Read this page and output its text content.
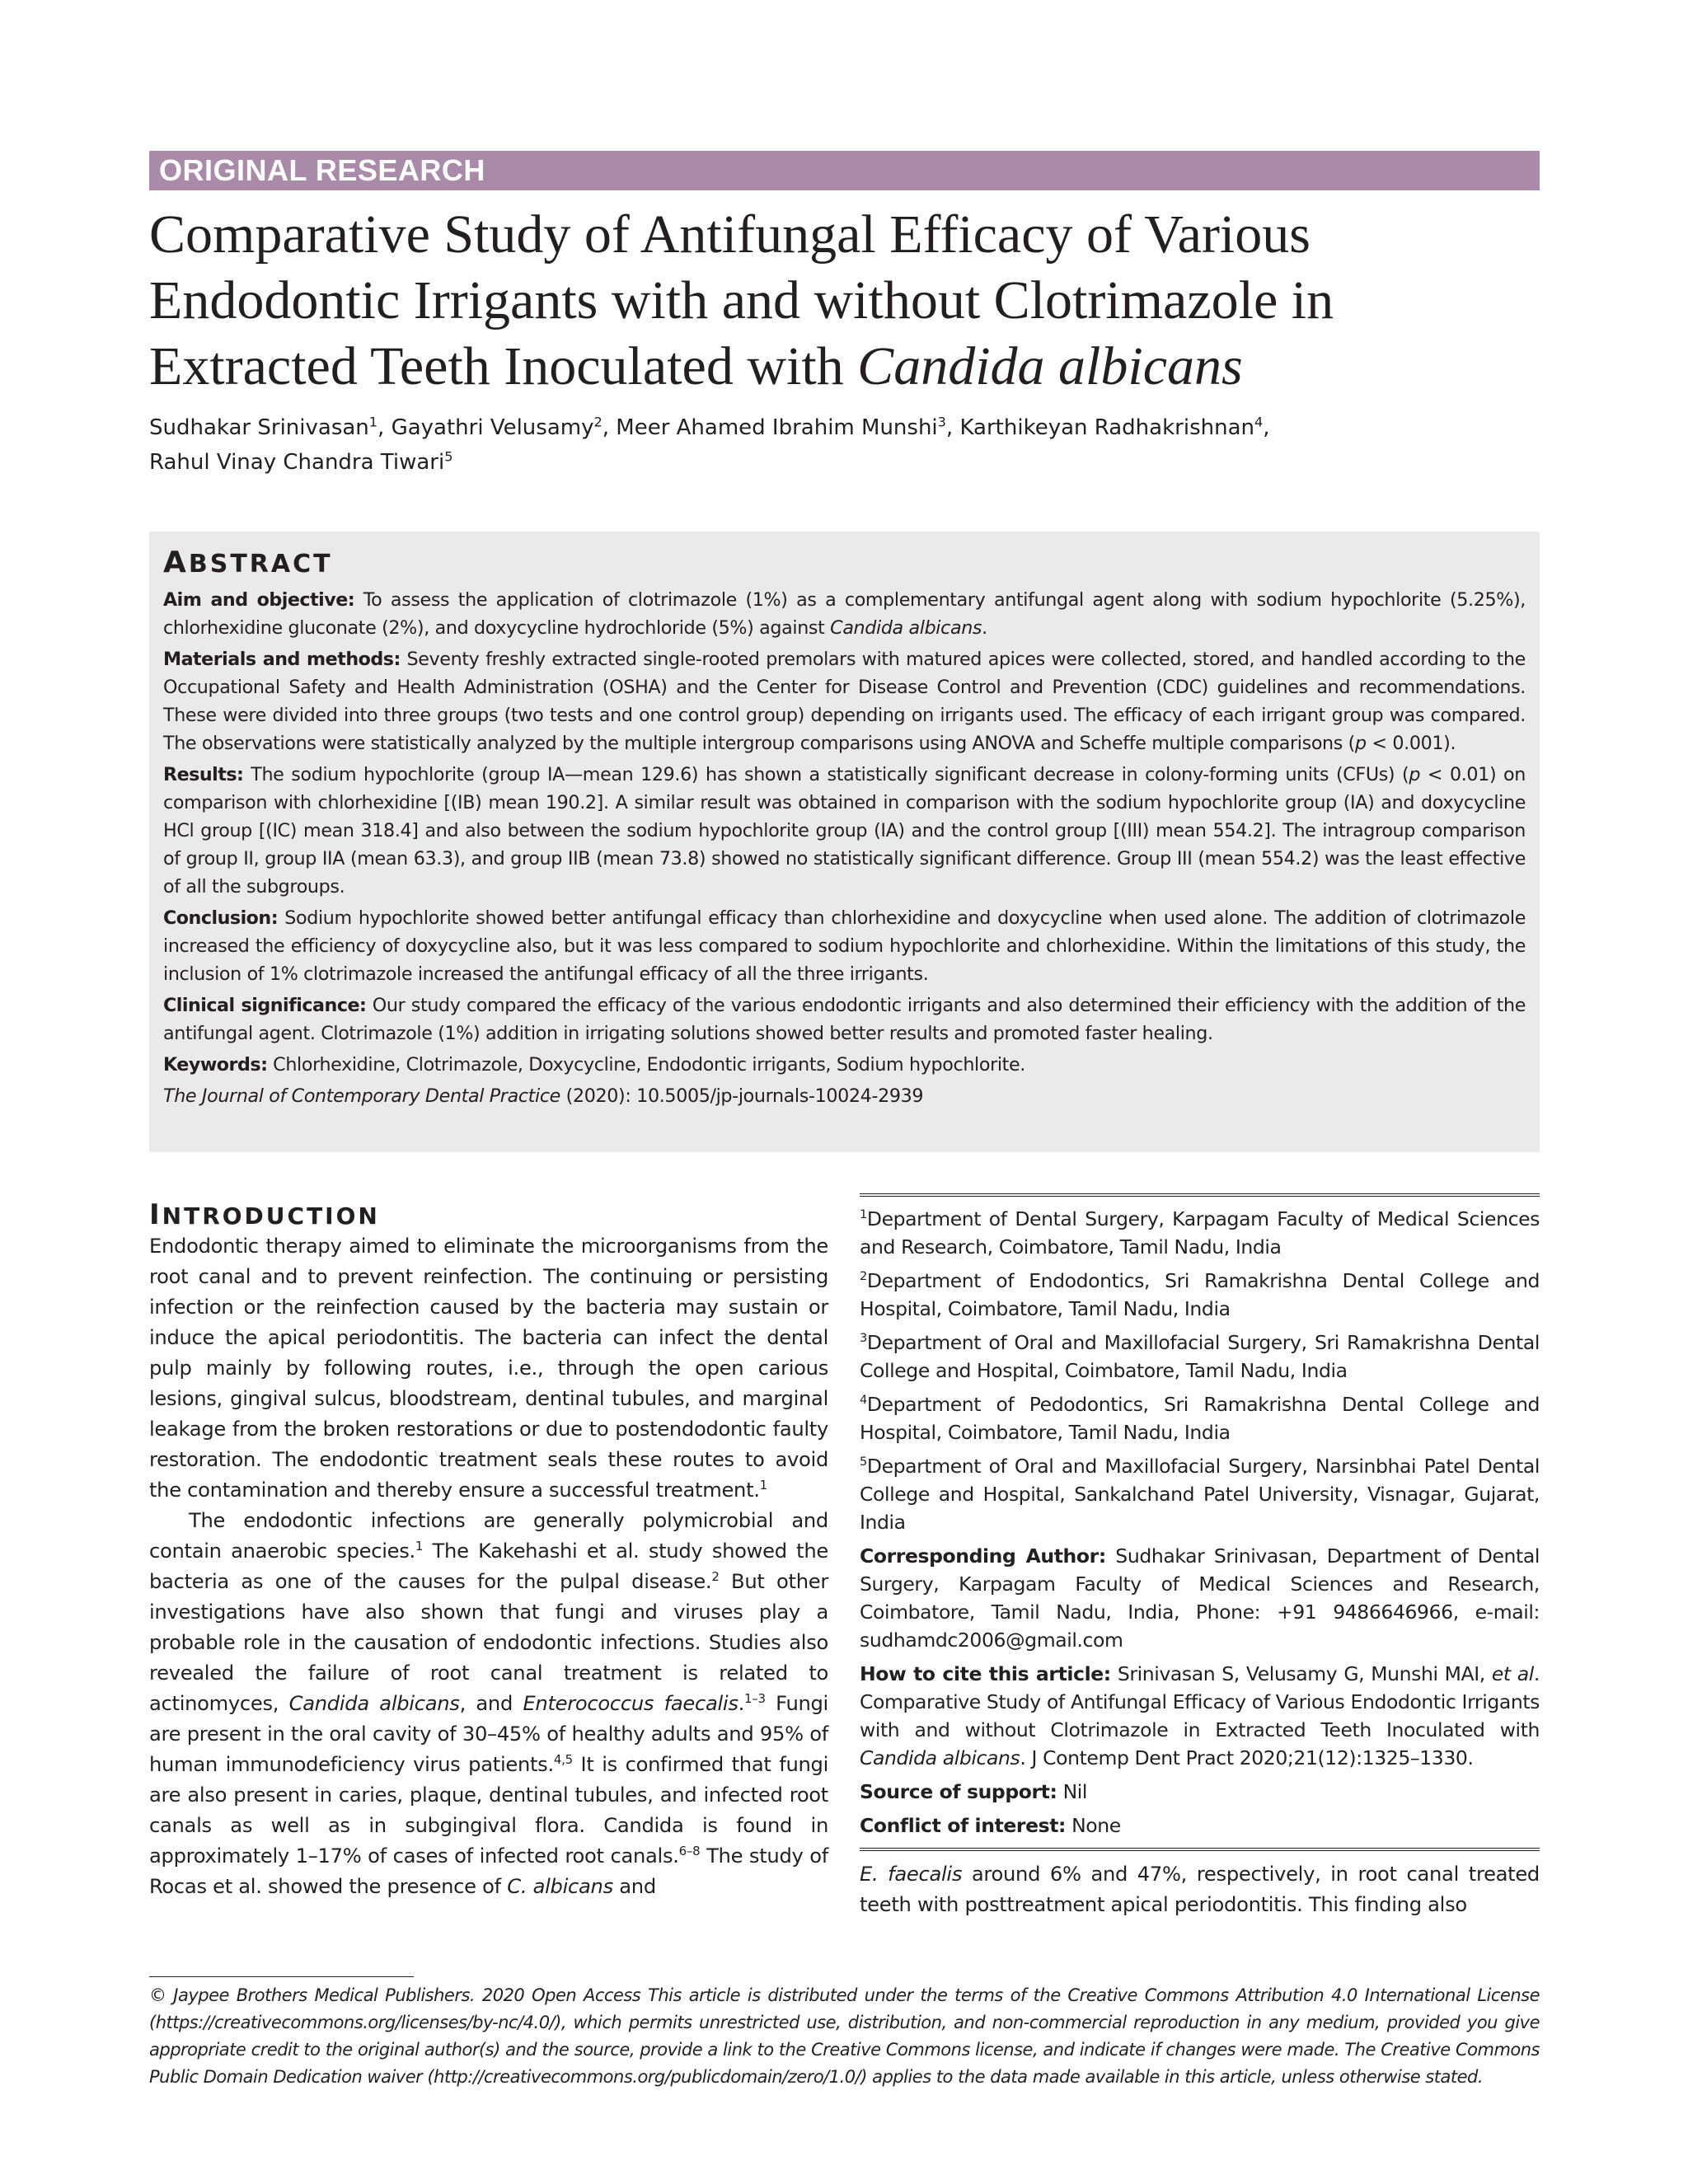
ORIGINAL RESEARCH
Comparative Study of Antifungal Efficacy of Various
Endodontic Irrigants with and without Clotrimazole in
Extracted Teeth Inoculated with Candida albicans
Sudhakar Srinivasan$^1$, Gayathri Velusamy$^2$, Meer Ahamed Ibrahim Munshi$^3$, Karthikeyan Radhakrishnan$^4$,
Rahul Vinay Chandra Tiwari$^5$
ABSTRACT

Aim and objective: To assess the application of clotrimazole (1%) as a complementary antifungal agent along with sodium hypochlorite (5.25%), chlorhexidine gluconate (2%), and doxycycline hydrochloride (5%) against Candida albicans.

Materials and methods: Seventy freshly extracted single-rooted premolars with matured apices were collected, stored, and handled according to the Occupational Safety and Health Administration (OSHA) and the Center for Disease Control and Prevention (CDC) guidelines and recommendations. These were divided into three groups (two tests and one control group) depending on irrigants used. The efficacy of each irrigant group was compared. The observations were statistically analyzed by the multiple intergroup comparisons using ANOVA and Scheffe multiple comparisons (p < 0.001).

Results: The sodium hypochlorite (group IA—mean 129.6) has shown a statistically significant decrease in colony-forming units (CFUs) (p < 0.01) on comparison with chlorhexidine [(IB) mean 190.2]. A similar result was obtained in comparison with the sodium hypochlorite group (IA) and doxycycline HCl group [(IC) mean 318.4] and also between the sodium hypochlorite group (IA) and the control group [(III) mean 554.2]. The intragroup comparison of group II, group IIA (mean 63.3), and group IIB (mean 73.8) showed no statistically significant difference. Group III (mean 554.2) was the least effective of all the subgroups.

Conclusion: Sodium hypochlorite showed better antifungal efficacy than chlorhexidine and doxycycline when used alone. The addition of clotrimazole increased the efficiency of doxycycline also, but it was less compared to sodium hypochlorite and chlorhexidine. Within the limitations of this study, the inclusion of 1% clotrimazole increased the antifungal efficacy of all the three irrigants.

Clinical significance: Our study compared the efficacy of the various endodontic irrigants and also determined their efficiency with the addition of the antifungal agent. Clotrimazole (1%) addition in irrigating solutions showed better results and promoted faster healing.

Keywords: Chlorhexidine, Clotrimazole, Doxycycline, Endodontic irrigants, Sodium hypochlorite.

The Journal of Contemporary Dental Practice (2020): 10.5005/jp-journals-10024-2939
INTRODUCTION

Endodontic therapy aimed to eliminate the microorganisms from the root canal and to prevent reinfection. The continuing or persisting infection or the reinfection caused by the bacteria may sustain or induce the apical periodontitis. The bacteria can infect the dental pulp mainly by following routes, i.e., through the open carious lesions, gingival sulcus, bloodstream, dentinal tubules, and marginal leakage from the broken restorations or due to postendodontic faulty restoration. The endodontic treatment seals these routes to avoid the contamination and thereby ensure a successful treatment.$^1$

The endodontic infections are generally polymicrobial and contain anaerobic species.$^1$ The Kakehashi et al. study showed the bacteria as one of the causes for the pulpal disease.$^2$ But other investigations have also shown that fungi and viruses play a probable role in the causation of endodontic infections. Studies also revealed the failure of root canal treatment is related to actinomyces, Candida albicans, and Enterococcus faecalis.$^{1-3}$ Fungi are present in the oral cavity of 30–45% of healthy adults and 95% of human immunodeficiency virus patients.$^{4,5}$ It is confirmed that fungi are also present in caries, plaque, dentinal tubules, and infected root canals as well as in subgingival flora. Candida is found in approximately 1–17% of cases of infected root canals.$^{6-8}$ The study of Rocas et al. showed the presence of C. albicans and

$^1$Department of Dental Surgery, Karpagam Faculty of Medical Sciences and Research, Coimbatore, Tamil Nadu, India

$^2$Department of Endodontics, Sri Ramakrishna Dental College and Hospital, Coimbatore, Tamil Nadu, India

$^3$Department of Oral and Maxillofacial Surgery, Sri Ramakrishna Dental College and Hospital, Coimbatore, Tamil Nadu, India

$^4$Department of Pedodontics, Sri Ramakrishna Dental College and Hospital, Coimbatore, Tamil Nadu, India

$^5$Department of Oral and Maxillofacial Surgery, Narsinbhai Patel Dental College and Hospital, Sankalchand Patel University, Visnagar, Gujarat, India

Corresponding Author: Sudhakar Srinivasan, Department of Dental Surgery, Karpagam Faculty of Medical Sciences and Research, Coimbatore, Tamil Nadu, India, Phone: +91 9486646966, e-mail: sudhamdc2006@gmail.com

How to cite this article: Srinivasan S, Velusamy G, Munshi MAI, et al. Comparative Study of Antifungal Efficacy of Various Endodontic Irrigants with and without Clotrimazole in Extracted Teeth Inoculated with Candida albicans. J Contemp Dent Pract 2020;21(12):1325–1330.

Source of support: Nil

Conflict of interest: None

E. faecalis around 6% and 47%, respectively, in root canal treated teeth with posttreatment apical periodontitis. This finding also

© Jaypee Brothers Medical Publishers. 2020 Open Access This article is distributed under the terms of the Creative Commons Attribution 4.0 International License (https://creativecommons.org/licenses/by-nc/4.0/), which permits unrestricted use, distribution, and non-commercial reproduction in any medium, provided you give appropriate credit to the original author(s) and the source, provide a link to the Creative Commons license, and indicate if changes were made. The Creative Commons Public Domain Dedication waiver (http://creativecommons.org/publicdomain/zero/1.0/) applies to the data made available in this article, unless otherwise stated.
